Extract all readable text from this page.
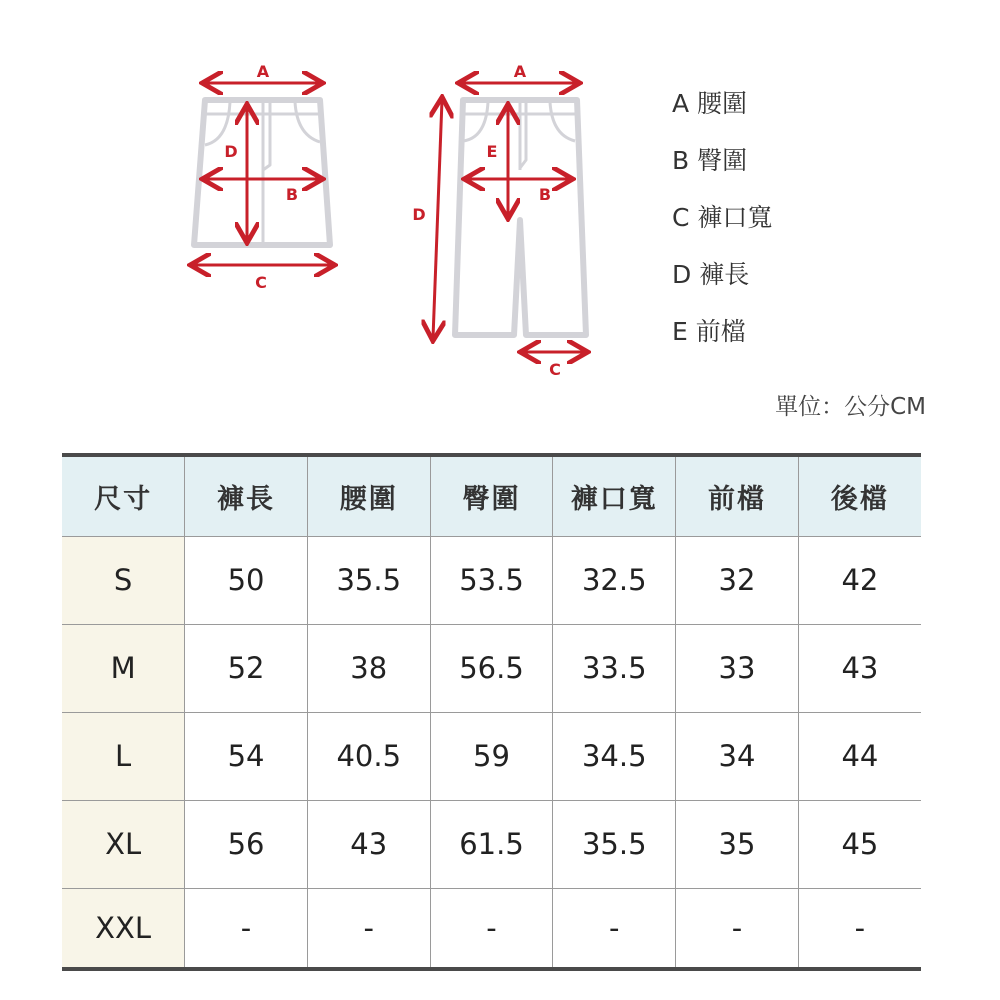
A
D
B
C
A
E
B
D
C
A 腰圍
B 臀圍
C 褲口寬
D 褲長
E 前檔
單位：公分CM
尺寸	褲長	腰圍	臀圍	褲口寬	前檔	後檔
S	50	35.5	53.5	32.5	32	42
M	52	38	56.5	33.5	33	43
L	54	40.5	59	34.5	34	44
XL	56	43	61.5	35.5	35	45
XXL	-	-	-	-	-	-
